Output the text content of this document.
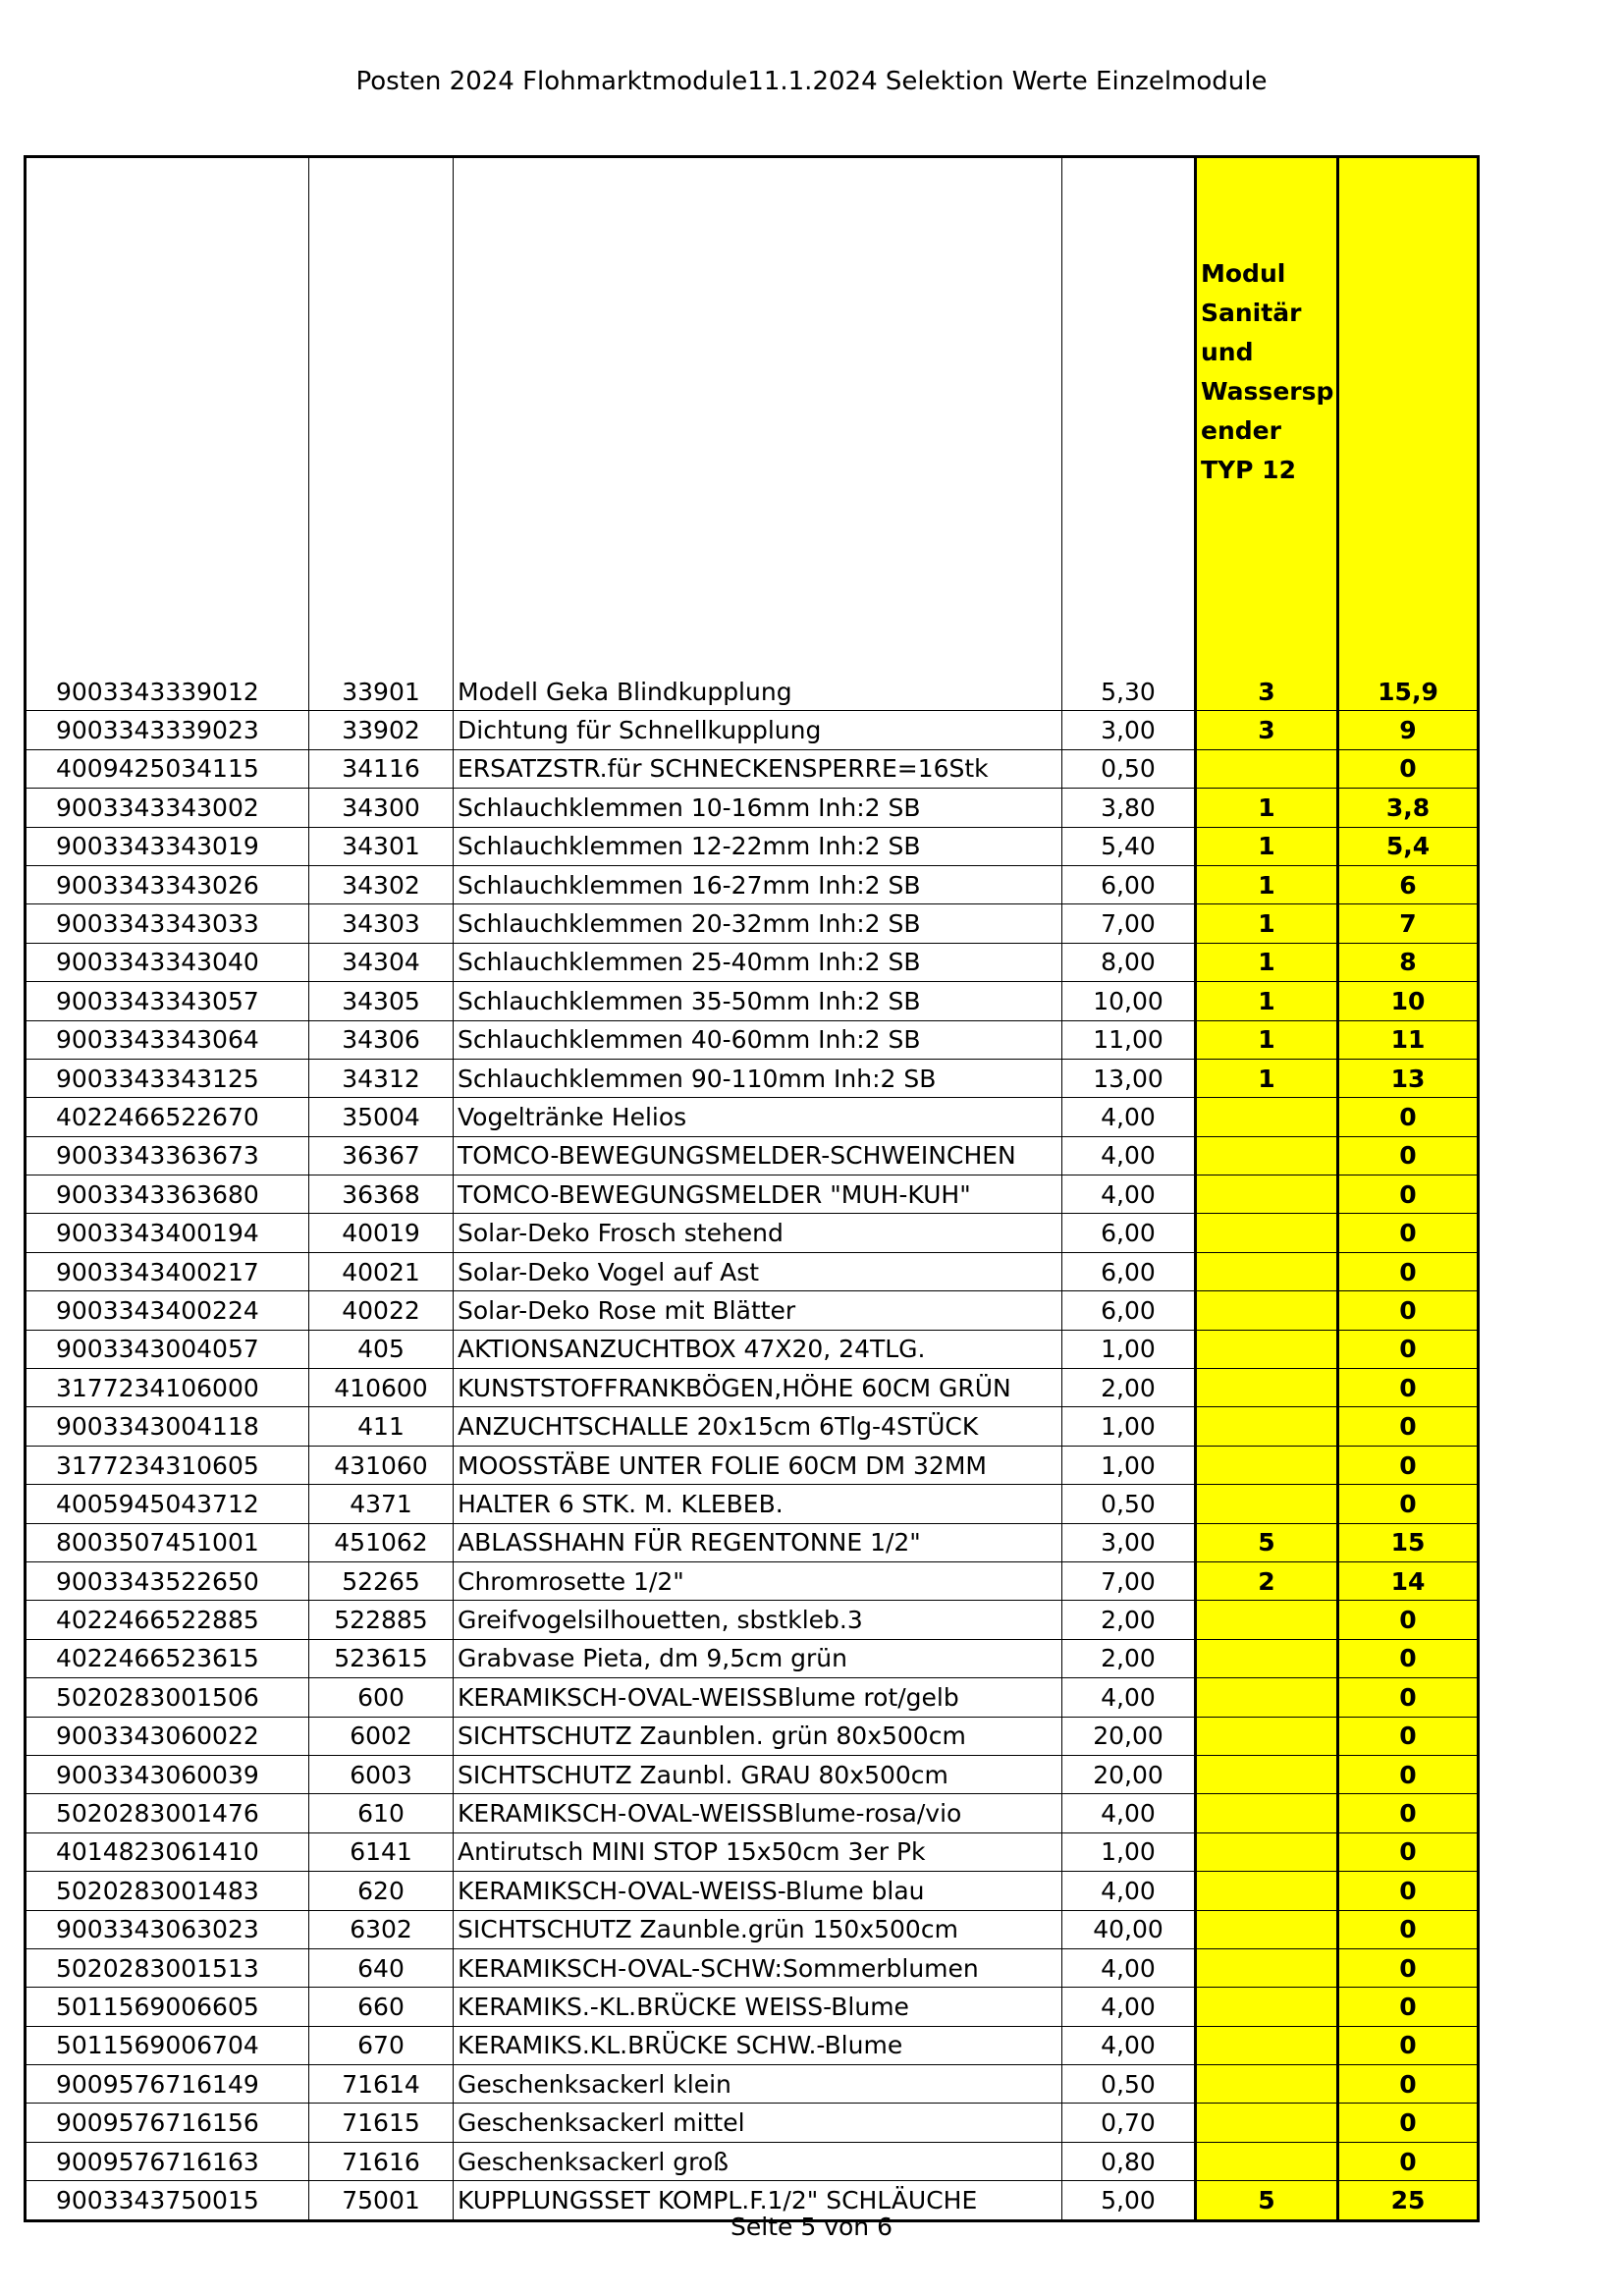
Posten 2024 Flohmarktmodule11.1.2024 Selektion Werte Einzelmodule
				Modul Sanitär und Wassersp ender TYP 12	
9003343339012	33901	Modell Geka Blindkupplung	5,30	3	15,9
9003343339023	33902	Dichtung für Schnellkupplung	3,00	3	9
4009425034115	34116	ERSATZSTR.für SCHNECKENSPERRE=16Stk	0,50		0
9003343343002	34300	Schlauchklemmen 10-16mm Inh:2 SB	3,80	1	3,8
9003343343019	34301	Schlauchklemmen 12-22mm Inh:2 SB	5,40	1	5,4
9003343343026	34302	Schlauchklemmen 16-27mm Inh:2 SB	6,00	1	6
9003343343033	34303	Schlauchklemmen 20-32mm Inh:2 SB	7,00	1	7
9003343343040	34304	Schlauchklemmen 25-40mm Inh:2 SB	8,00	1	8
9003343343057	34305	Schlauchklemmen 35-50mm Inh:2 SB	10,00	1	10
9003343343064	34306	Schlauchklemmen 40-60mm Inh:2 SB	11,00	1	11
9003343343125	34312	Schlauchklemmen 90-110mm Inh:2 SB	13,00	1	13
4022466522670	35004	Vogeltränke Helios	4,00		0
9003343363673	36367	TOMCO-BEWEGUNGSMELDER-SCHWEINCHEN	4,00		0
9003343363680	36368	TOMCO-BEWEGUNGSMELDER "MUH-KUH"	4,00		0
9003343400194	40019	Solar-Deko Frosch stehend	6,00		0
9003343400217	40021	Solar-Deko Vogel auf Ast	6,00		0
9003343400224	40022	Solar-Deko Rose mit Blätter	6,00		0
9003343004057	405	AKTIONSANZUCHTBOX 47X20, 24TLG.	1,00		0
3177234106000	410600	KUNSTSTOFFRANKBÖGEN,HÖHE 60CM GRÜN	2,00		0
9003343004118	411	ANZUCHTSCHALLE 20x15cm 6Tlg-4STÜCK	1,00		0
3177234310605	431060	MOOSSTÄBE UNTER FOLIE 60CM DM 32MM	1,00		0
4005945043712	4371	HALTER 6 STK. M. KLEBEB.	0,50		0
8003507451001	451062	ABLASSHAHN FÜR REGENTONNE 1/2"	3,00	5	15
9003343522650	52265	Chromrosette 1/2"	7,00	2	14
4022466522885	522885	Greifvogelsilhouetten, sbstkleb.3	2,00		0
4022466523615	523615	Grabvase Pieta, dm 9,5cm grün	2,00		0
5020283001506	600	KERAMIKSCH-OVAL-WEISSBlume rot/gelb	4,00		0
9003343060022	6002	SICHTSCHUTZ Zaunblen. grün 80x500cm	20,00		0
9003343060039	6003	SICHTSCHUTZ Zaunbl. GRAU 80x500cm	20,00		0
5020283001476	610	KERAMIKSCH-OVAL-WEISSBlume-rosa/vio	4,00		0
4014823061410	6141	Antirutsch MINI STOP 15x50cm 3er Pk	1,00		0
5020283001483	620	KERAMIKSCH-OVAL-WEISS-Blume blau	4,00		0
9003343063023	6302	SICHTSCHUTZ Zaunble.grün 150x500cm	40,00		0
5020283001513	640	KERAMIKSCH-OVAL-SCHW:Sommerblumen	4,00		0
5011569006605	660	KERAMIKS.-KL.BRÜCKE WEISS-Blume	4,00		0
5011569006704	670	KERAMIKS.KL.BRÜCKE SCHW.-Blume	4,00		0
9009576716149	71614	Geschenksackerl klein	0,50		0
9009576716156	71615	Geschenksackerl mittel	0,70		0
9009576716163	71616	Geschenksackerl groß	0,80		0
9003343750015	75001	KUPPLUNGSSET KOMPL.F.1/2" SCHLÄUCHE	5,00	5	25
Seite 5 von 6
